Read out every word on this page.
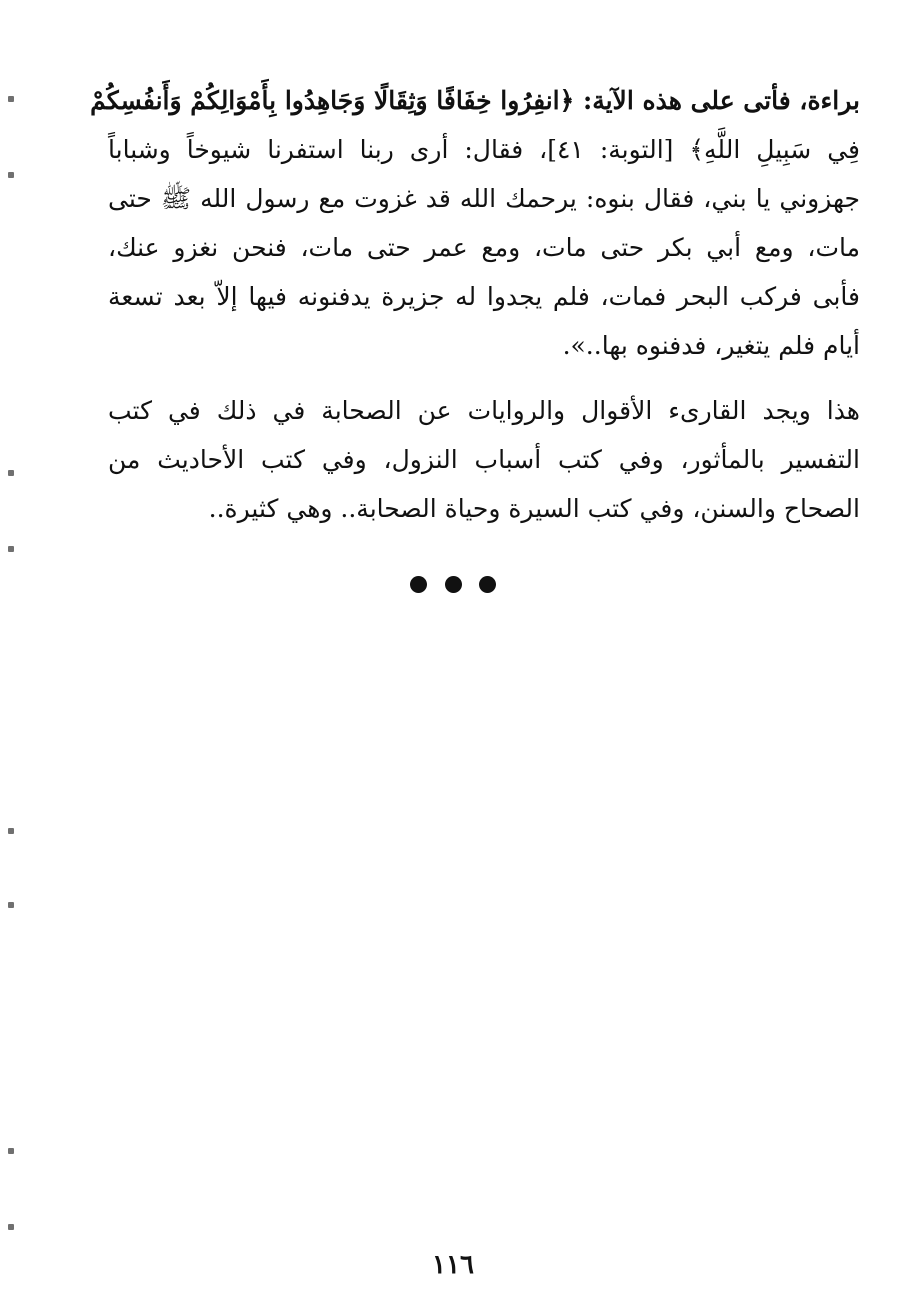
براءة، فأتى على هذه الآية: ﴿انفِرُوا خِفَافًا وَثِقَالًا وَجَاهِدُوا بِأَمْوَالِكُمْ وَأَنفُسِكُمْ
فِي سَبِيلِ اللَّهِ﴾ [التوبة: ٤١]، فقال: أرى ربنا استفرنا شيوخاً وشباباً
جهزوني يا بني، فقال بنوه: يرحمك الله قد غزوت مع رسول الله ﷺ حتى
مات، ومع أبي بكر حتى مات، ومع عمر حتى مات، فنحن نغزو عنك،
فأبى فركب البحر فمات، فلم يجدوا له جزيرة يدفنونه فيها إلاّ بعد تسعة
أيام فلم يتغير، فدفنوه بها..».
هذا ويجد القارىء الأقوال والروايات عن الصحابة في ذلك في كتب
التفسير بالمأثور، وفي كتب أسباب النزول، وفي كتب الأحاديث من
الصحاح والسنن، وفي كتب السيرة وحياة الصحابة.. وهي كثيرة..

١١٦
